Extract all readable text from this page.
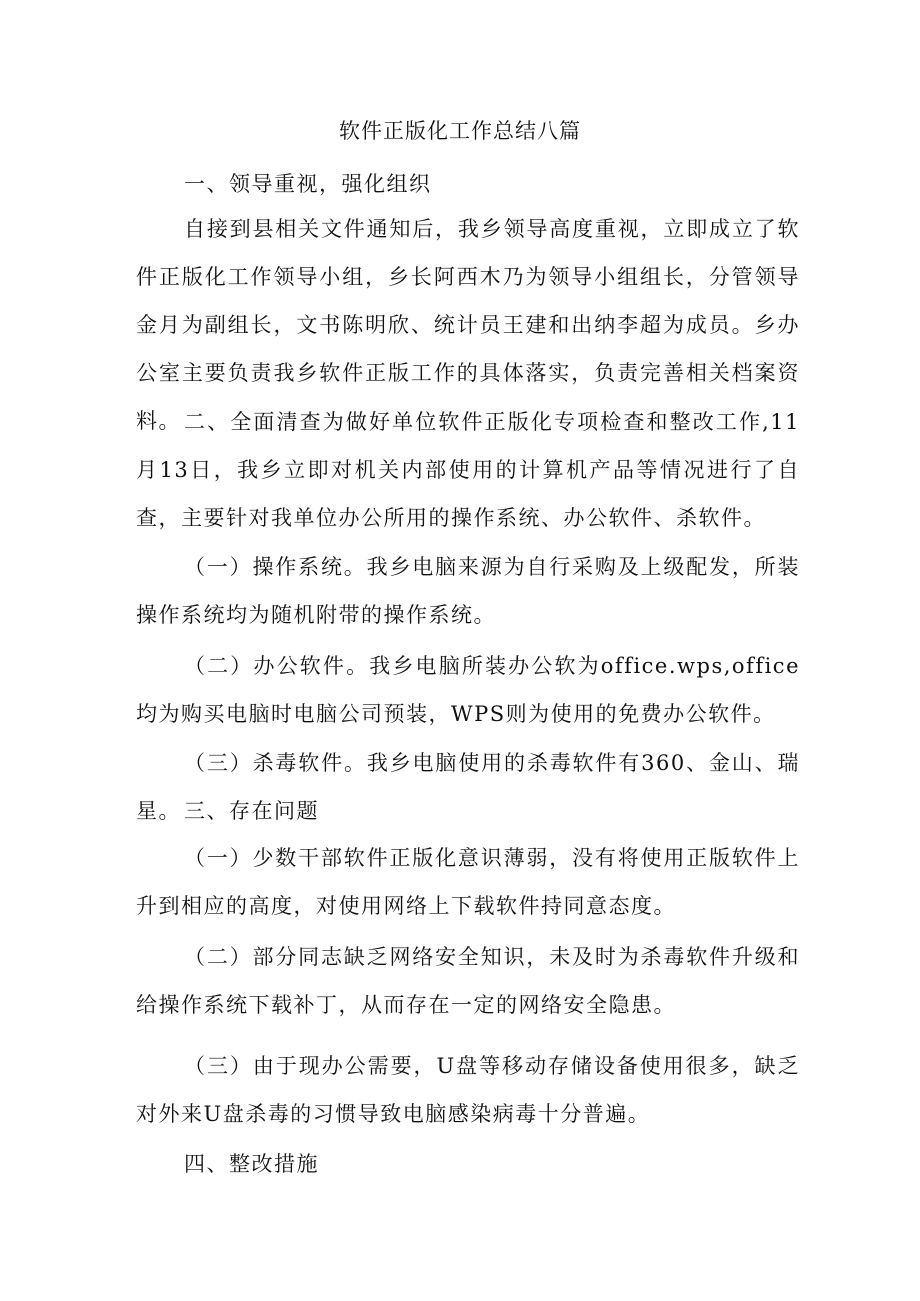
软件正版化工作总结八篇
一、领导重视，强化组织
自接到县相关文件通知后，我乡领导高度重视，立即成立了软件正版化工作领导小组，乡长阿西木乃为领导小组组长，分管领导金月为副组长，文书陈明欣、统计员王建和出纳李超为成员。乡办公室主要负责我乡软件正版工作的具体落实，负责完善相关档案资料。 二、全面清查为做好单位软件正版化专项检查和整改工作,11月13日，我乡立即对机关内部使用的计算机产品等情况进行了自查，主要针对我单位办公所用的操作系统、办公软件、杀软件。
（一）操作系统。我乡电脑来源为自行采购及上级配发，所装操作系统均为随机附带的操作系统。
（二）办公软件。我乡电脑所装办公软为office.wps,office均为购买电脑时电脑公司预装，WPS则为使用的免费办公软件。
（三）杀毒软件。我乡电脑使用的杀毒软件有360、金山、瑞星。 三、存在问题
（一）少数干部软件正版化意识薄弱，没有将使用正版软件上升到相应的高度，对使用网络上下载软件持同意态度。
（二）部分同志缺乏网络安全知识，未及时为杀毒软件升级和给操作系统下载补丁，从而存在一定的网络安全隐患。
（三）由于现办公需要，U盘等移动存储设备使用很多，缺乏对外来U盘杀毒的习惯导致电脑感染病毒十分普遍。
四、整改措施
